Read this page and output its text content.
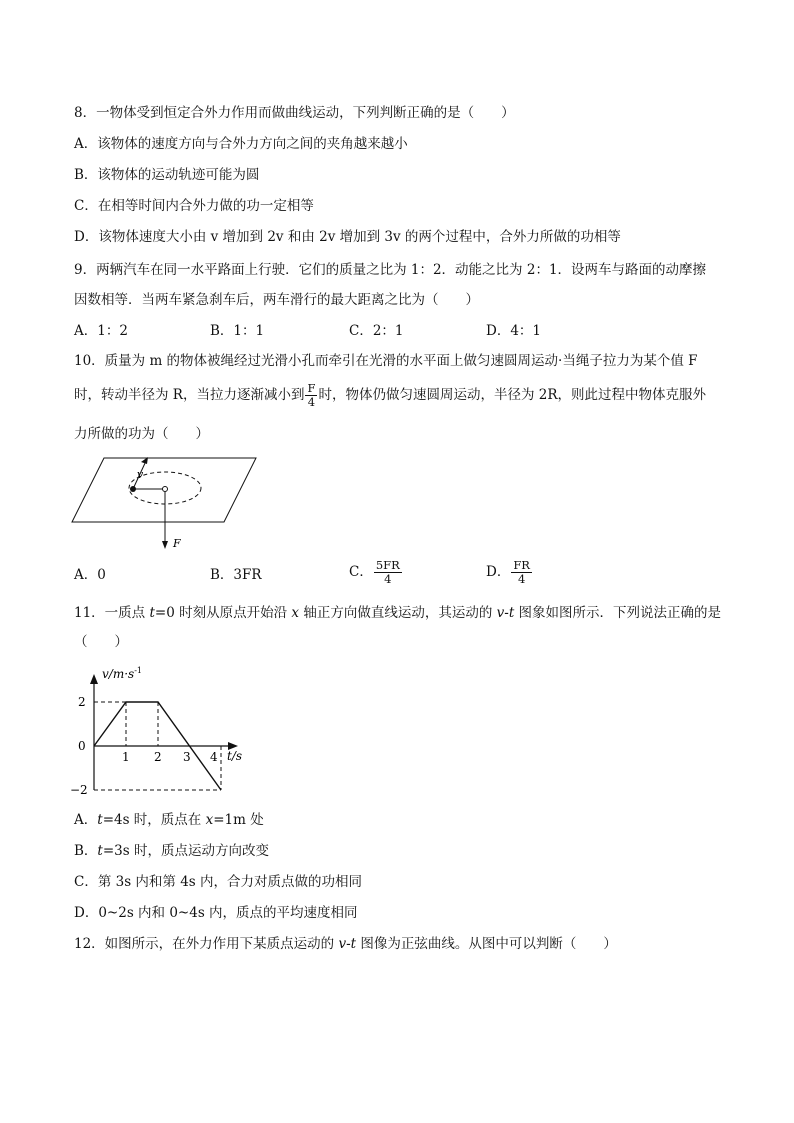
8．一物体受到恒定合外力作用而做曲线运动，下列判断正确的是（　　）
A．该物体的速度方向与合外力方向之间的夹角越来越小
B．该物体的运动轨迹可能为圆
C．在相等时间内合外力做的功一定相等
D．该物体速度大小由 v 增加到 2v 和由 2v 增加到 3v 的两个过程中，合外力所做的功相等
9．两辆汽车在同一水平路面上行驶．它们的质量之比为 1：2．动能之比为 2：1．设两车与路面的动摩擦
因数相等．当两车紧急刹车后，两车滑行的最大距离之比为（　　）
A．1：2	B．1：1	C．2：1	D．4：1
10．质量为 m 的物体被绳经过光滑小孔而牵引在光滑的水平面上做匀速圆周运动·当绳子拉力为某个值 F
时，转动半径为 R，当拉力逐渐减小到 $\frac{F}{4}$ 时，物体仍做匀速圆周运动，半径为 2R，则此过程中物体克服外
力所做的功为（　　）
v
F
A．0	B．3FR	C． $\frac{5FR}{4}$	D． $\frac{FR}{4}$
11．一质点 t=0 时刻从原点开始沿 x 轴正方向做直线运动，其运动的 v-t 图象如图所示．下列说法正确的是
（　　）
$v/m\cdot s^{-1}$
t/s
2
0
−2
1 2 3 4
A．t=4s 时，质点在 x=1m 处
B．t=3s 时，质点运动方向改变
C．第 3s 内和第 4s 内，合力对质点做的功相同
D．0~2s 内和 0~4s 内，质点的平均速度相同
12．如图所示，在外力作用下某质点运动的 v-t 图像为正弦曲线。从图中可以判断（　　）
